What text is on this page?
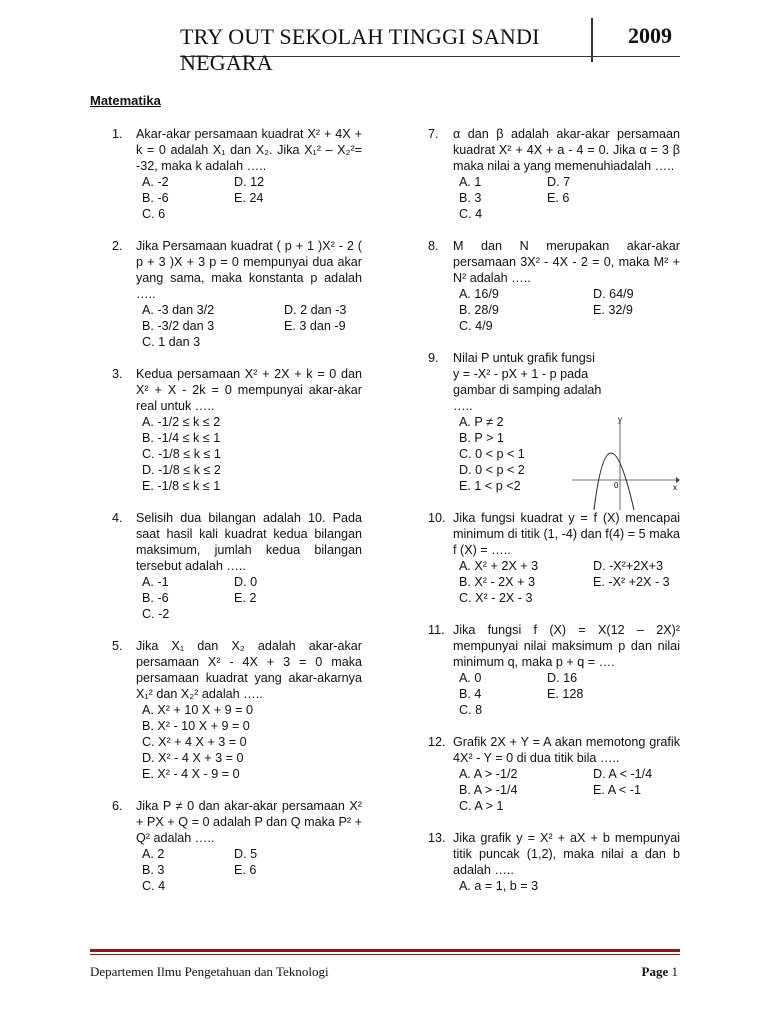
TRY OUT SEKOLAH TINGGI SANDI NEGARA
2009
Matematika
1. Akar-akar persamaan kuadrat X² + 4X + k = 0 adalah X₁ dan X₂. Jika X₁² – X₂²= -32, maka k adalah …..
A. -2	D. 12
B. -6	E. 24
C. 6
2. Jika Persamaan kuadrat ( p + 1 )X² - 2 ( p + 3 )X + 3 p = 0 mempunyai dua akar yang sama, maka konstanta p adalah …..
A. -3 dan 3/2	D. 2 dan -3
B. -3/2 dan 3	E. 3 dan -9
C. 1 dan 3
3. Kedua persamaan X² + 2X + k = 0 dan X² + X - 2k = 0 mempunyai akar-akar real untuk …..
A. -1/2 ≤ k ≤ 2
B. -1/4 ≤ k ≤ 1
C. -1/8 ≤ k ≤ 1
D. -1/8 ≤ k ≤ 2
E. -1/8 ≤ k ≤ 1
4. Selisih dua bilangan adalah 10. Pada saat hasil kali kuadrat kedua bilangan maksimum, jumlah kedua bilangan tersebut adalah …..
A. -1	D. 0
B. -6	E. 2
C. -2
5. Jika X₁ dan X₂ adalah akar-akar persamaan X² - 4X + 3 = 0 maka persamaan kuadrat yang akar-akarnya X₁² dan X₂² adalah …..
A. X² + 10 X + 9 = 0
B. X² - 10 X + 9 = 0
C. X² + 4 X + 3 = 0
D. X² - 4 X + 3 = 0
E. X² - 4 X - 9 = 0
6. Jika P ≠ 0 dan akar-akar persamaan X² + PX + Q = 0 adalah P dan Q maka P² + Q² adalah …..
A. 2	D. 5
B. 3	E. 6
C. 4
7. α dan β adalah akar-akar persamaan kuadrat X² + 4X + a - 4 = 0. Jika α = 3 β maka nilai a yang memenuhiadalah …..
A. 1	D. 7
B. 3	E. 6
C. 4
8. M dan N merupakan akar-akar persamaan 3X² - 4X - 2 = 0, maka M² + N² adalah …..
A. 16/9	D. 64/9
B. 28/9	E. 32/9
C. 4/9
9. Nilai P untuk grafik fungsi y = -X² - pX + 1 - p pada gambar di samping adalah …..
A. P ≠ 2
B. P > 1
C. 0 < p < 1
D. 0 < p < 2
E. 1 < p <2
10. Jika fungsi kuadrat y = f (X) mencapai minimum di titik (1, -4) dan f(4) = 5 maka f (X) = …..
A. X² + 2X + 3	D. -X²+2X+3
B. X² - 2X + 3	E. -X² +2X - 3
C. X² - 2X - 3
11. Jika fungsi f (X) = X(12 – 2X)² mempunyai nilai maksimum p dan nilai minimum q, maka p + q = ….
A. 0	D. 16
B. 4	E. 128
C. 8
12. Grafik 2X + Y = A akan memotong grafik 4X² - Y = 0 di dua titik bila …..
A. A > -1/2	D. A < -1/4
B. A > -1/4	E. A < -1
C. A > 1
13. Jika grafik y = X² + aX + b mempunyai titik puncak (1,2), maka nilai a dan b adalah …..
A. a = 1, b = 3
y
0	x
Departemen Ilmu Pengetahuan dan Teknologi	Page 1
